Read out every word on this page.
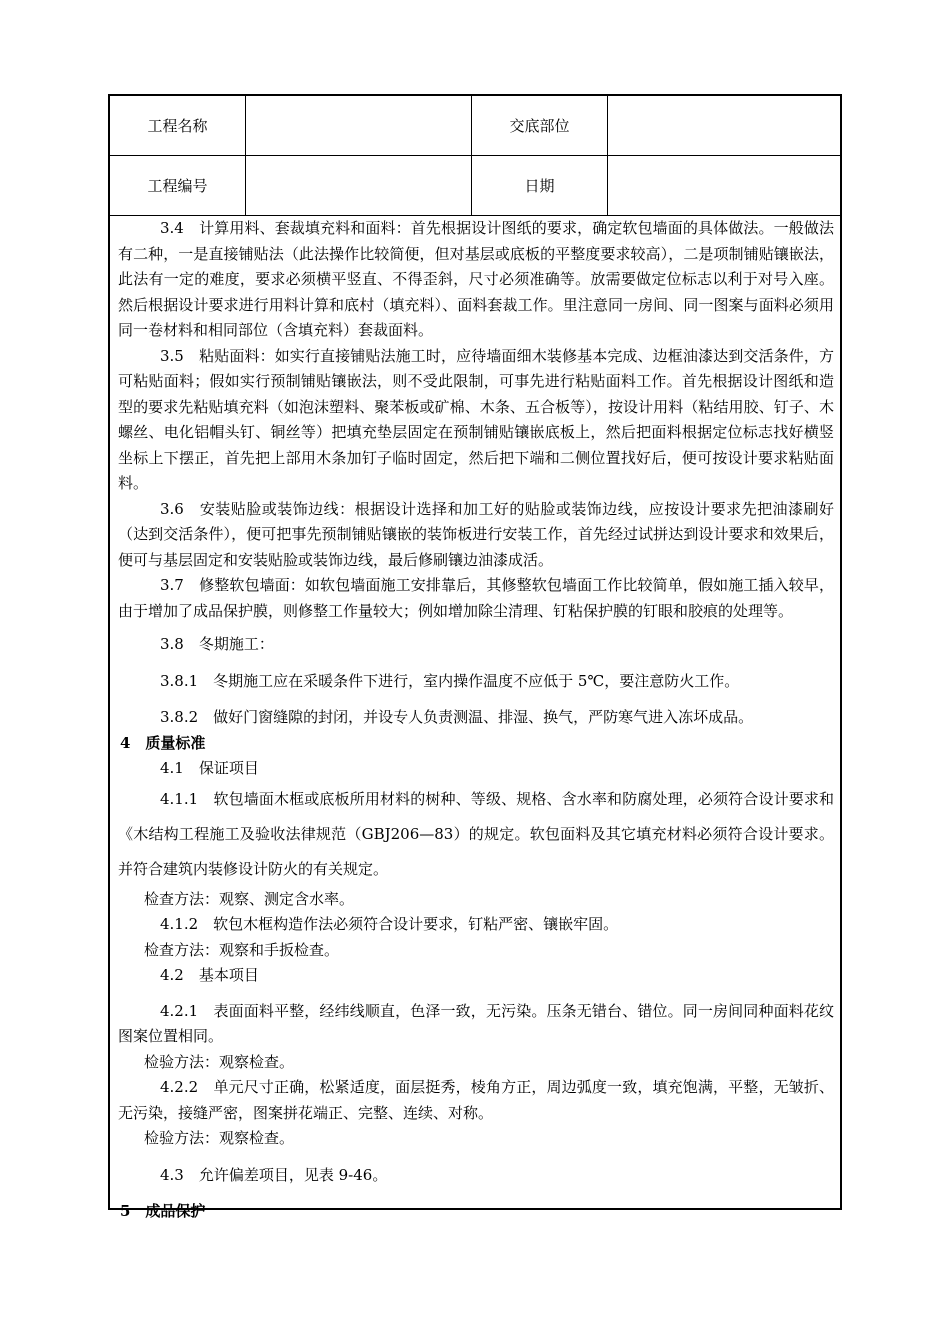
工程名称	交底部位
工程编号	日期

3.4　计算用料、套裁填充料和面料：首先根据设计图纸的要求，确定软包墙面的具体做法。一般做法有二种，一是直接铺贴法（此法操作比较简便，但对基层或底板的平整度要求较高），二是项制铺贴镶嵌法，此法有一定的难度，要求必须横平竖直、不得歪斜，尺寸必须准确等。放需要做定位标志以利于对号入座。然后根据设计要求进行用料计算和底村（填充料）、面料套裁工作。里注意同一房间、同一图案与面料必须用同一卷材料和相同部位（含填充料）套裁面料。

3.5　粘贴面料：如实行直接铺贴法施工时，应待墙面细木装修基本完成、边框油漆达到交活条件，方可粘贴面料；假如实行预制铺贴镶嵌法，则不受此限制，可事先进行粘贴面料工作。首先根据设计图纸和造型的要求先粘贴填充料（如泡沫塑料、聚苯板或矿棉、木条、五合板等），按设计用料（粘结用胶、钉子、木螺丝、电化铝帽头钉、铜丝等）把填充垫层固定在预制铺贴镶嵌底板上，然后把面料根据定位标志找好横竖坐标上下摆正，首先把上部用木条加钉子临时固定，然后把下端和二侧位置找好后，便可按设计要求粘贴面料。

3.6　安装贴脸或装饰边线：根据设计选择和加工好的贴脸或装饰边线，应按设计要求先把油漆刷好（达到交活条件），便可把事先预制铺贴镶嵌的装饰板进行安装工作，首先经过试拼达到设计要求和效果后，便可与基层固定和安装贴脸或装饰边线，最后修刷镶边油漆成活。

3.7　修整软包墙面：如软包墙面施工安排靠后，其修整软包墙面工作比较简单，假如施工插入较早，由于增加了成品保护膜，则修整工作量较大；例如增加除尘清理、钉粘保护膜的钉眼和胶痕的处理等。

3.8　冬期施工：

3.8.1　冬期施工应在采暖条件下进行，室内操作温度不应低于 5℃，要注意防火工作。

3.8.2　做好门窗缝隙的封闭，并设专人负责测温、排湿、换气，严防寒气进入冻坏成品。

4　质量标准

4.1　保证项目

4.1.1　软包墙面木框或底板所用材料的树种、等级、规格、含水率和防腐处理，必须符合设计要求和《木结构工程施工及验收法律规范（GBJ206—83）的规定。软包面料及其它填充材料必须符合设计要求。并符合建筑内装修设计防火的有关规定。

检查方法：观察、测定含水率。

4.1.2　软包木框构造作法必须符合设计要求，钉粘严密、镶嵌牢固。

检查方法：观察和手扳检查。

4.2　基本项目

4.2.1　表面面料平整，经纬线顺直，色泽一致，无污染。压条无错台、错位。同一房间同种面料花纹图案位置相同。

检验方法：观察检查。

4.2.2　单元尺寸正确，松紧适度，面层挺秀，棱角方正，周边弧度一致，填充饱满，平整，无皱折、无污染，接缝严密，图案拼花端正、完整、连续、对称。

检验方法：观察检查。

4.3　允许偏差项目，见表 9-46。

5　成品保护
